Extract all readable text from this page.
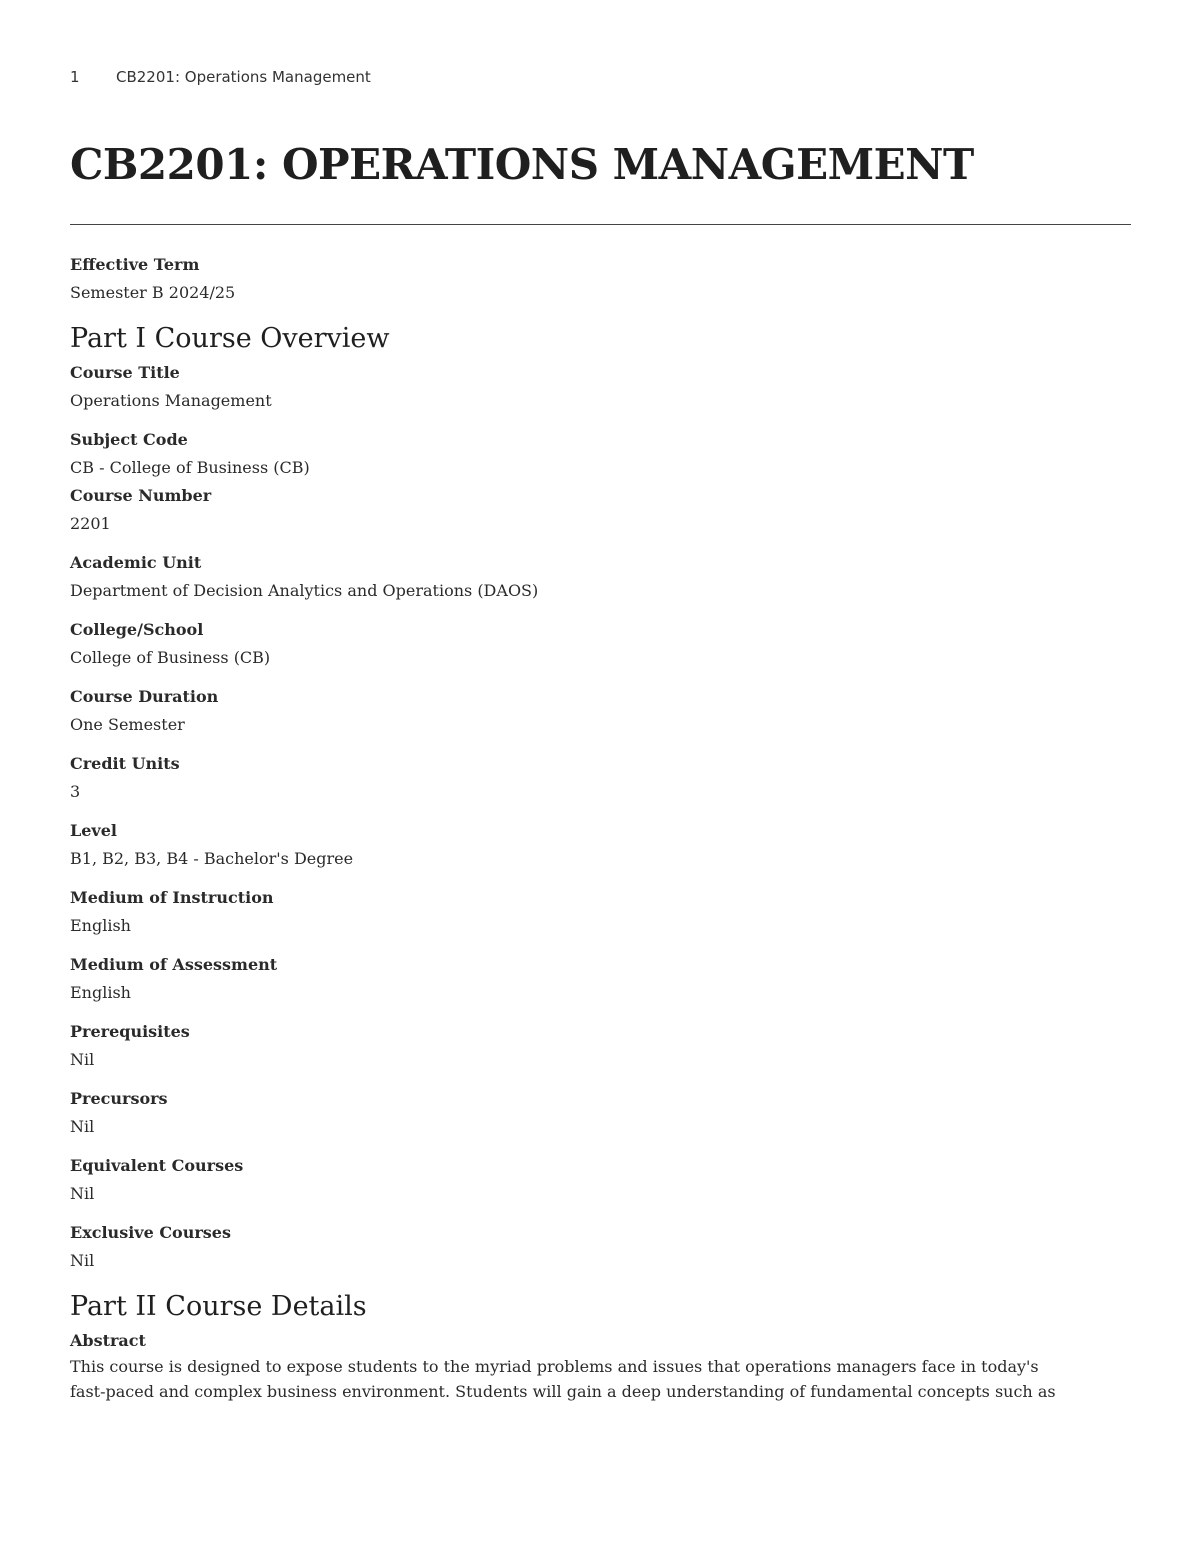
1	CB2201: Operations Management
CB2201: OPERATIONS MANAGEMENT
Effective Term
Semester B 2024/25
Part I Course Overview
Course Title
Operations Management
Subject Code
CB - College of Business (CB)
Course Number
2201
Academic Unit
Department of Decision Analytics and Operations (DAOS)
College/School
College of Business (CB)
Course Duration
One Semester
Credit Units
3
Level
B1, B2, B3, B4 - Bachelor's Degree
Medium of Instruction
English
Medium of Assessment
English
Prerequisites
Nil
Precursors
Nil
Equivalent Courses
Nil
Exclusive Courses
Nil
Part II Course Details
Abstract
This course is designed to expose students to the myriad problems and issues that operations managers face in today's
fast-paced and complex business environment. Students will gain a deep understanding of fundamental concepts such as
